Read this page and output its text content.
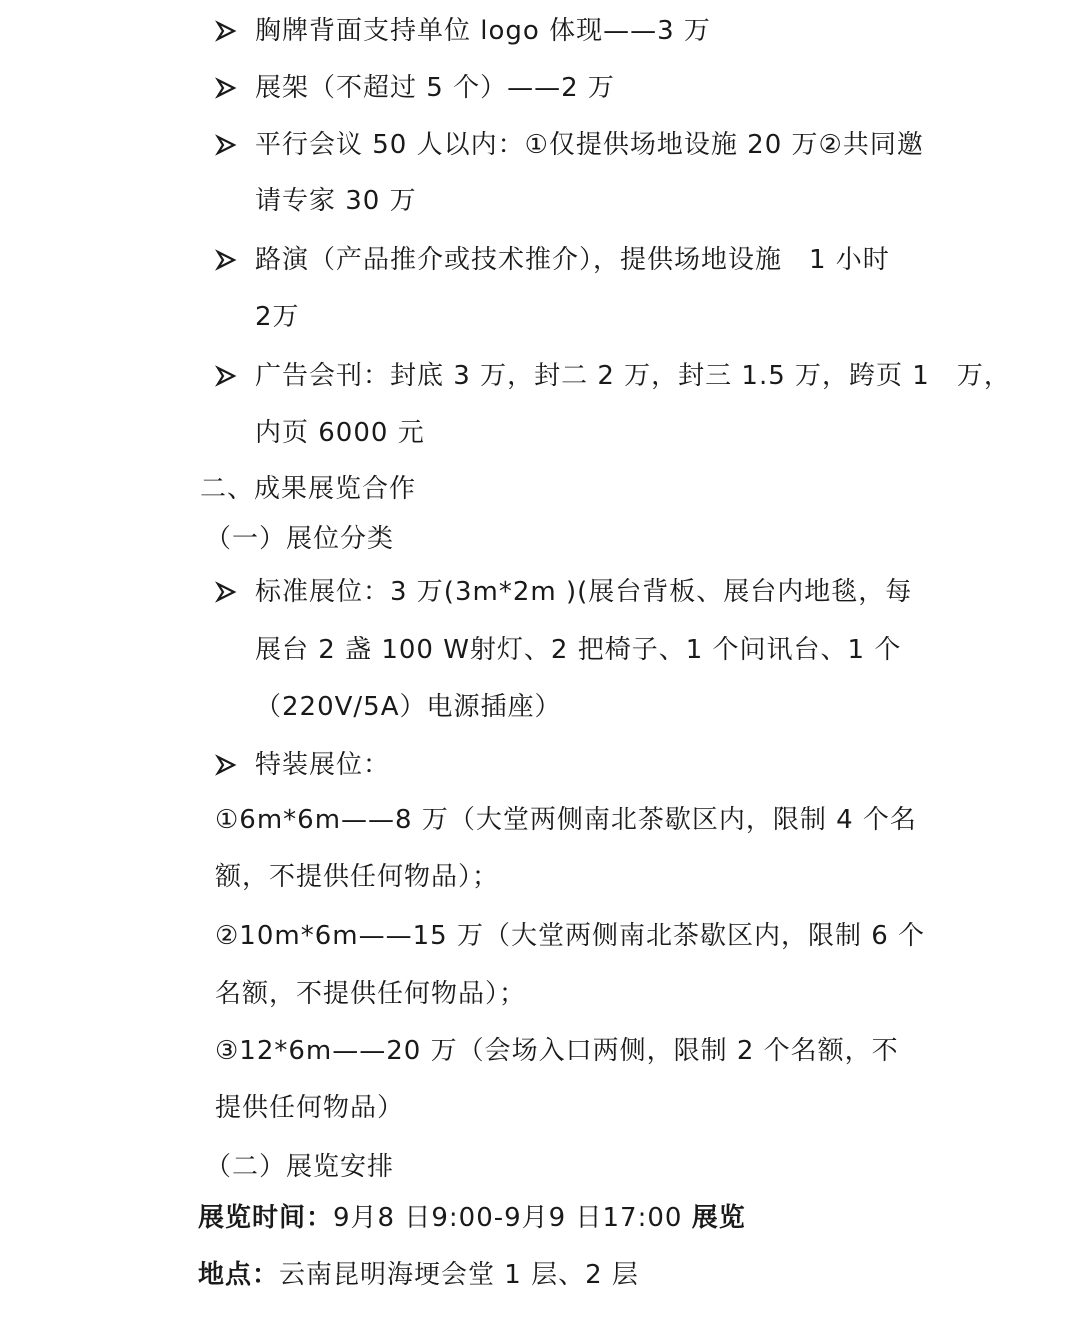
胸牌背面支持单位 logo 体现——3 万
展架（不超过 5 个）——2 万
平行会议 50 人以内：①仅提供场地设施 20 万②共同邀
请专家 30 万
路演（产品推介或技术推介），提供场地设施　1 小时
2万
广告会刊：封底 3 万，封二 2 万，封三 1.5 万，跨页 1　万，
内页 6000 元
二、成果展览合作
（一）展位分类
标准展位：3 万(3m*2m )(展台背板、展台内地毯，每
展台 2 盏 100 W射灯、2 把椅子、1 个问讯台、1 个
（220V/5A）电源插座）
特装展位：
①6m*6m——8 万（大堂两侧南北茶歇区内，限制 4 个名
额，不提供任何物品）；
②10m*6m——15 万（大堂两侧南北茶歇区内，限制 6 个
名额，不提供任何物品）；
③12*6m——20 万（会场入口两侧，限制 2 个名额，不
提供任何物品）
（二）展览安排
展览时间：9月8 日9:00-9月9 日17:00 展览
地点：云南昆明海埂会堂 1 层、2 层
